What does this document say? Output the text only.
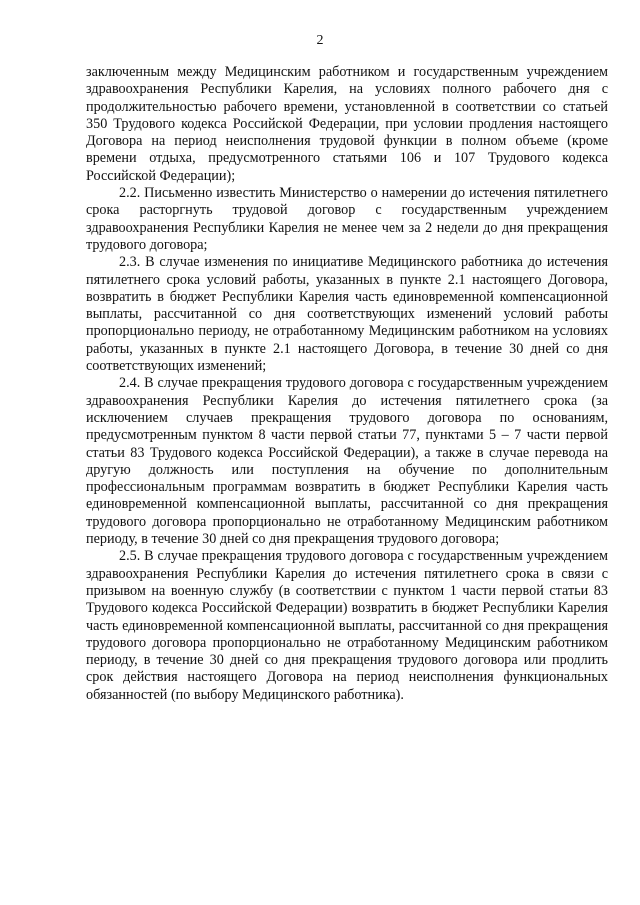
2

заключенным между Медицинским работником и государственным учреждением здравоохранения Республики Карелия, на условиях полного рабочего дня с продолжительностью рабочего времени, установленной в соответствии со статьей 350 Трудового кодекса Российской Федерации, при условии продления настоящего Договора на период неисполнения трудовой функции в полном объеме (кроме времени отдыха, предусмотренного статьями 106 и 107 Трудового кодекса Российской Федерации);

2.2. Письменно известить Министерство о намерении до истечения пятилетнего срока расторгнуть трудовой договор с государственным учреждением здравоохранения Республики Карелия не менее чем за 2 недели до дня прекращения трудового договора;

2.3. В случае изменения по инициативе Медицинского работника до истечения пятилетнего срока условий работы, указанных в пункте 2.1 настоящего Договора, возвратить в бюджет Республики Карелия часть единовременной компенсационной выплаты, рассчитанной со дня соответствующих изменений условий работы пропорционально периоду, не отработанному Медицинским работником на условиях работы, указанных в пункте 2.1 настоящего Договора, в течение 30 дней со дня соответствующих изменений;

2.4. В случае прекращения трудового договора с государственным учреждением здравоохранения Республики Карелия до истечения пятилетнего срока (за исключением случаев прекращения трудового договора по основаниям, предусмотренным пунктом 8 части первой статьи 77, пунктами 5 – 7 части первой статьи 83 Трудового кодекса Российской Федерации), а также в случае перевода на другую должность или поступления на обучение по дополнительным профессиональным программам возвратить в бюджет Республики Карелия часть единовременной компенсационной выплаты, рассчитанной со дня прекращения трудового договора пропорционально не отработанному Медицинским работником периоду, в течение 30 дней со дня прекращения трудового договора;

2.5. В случае прекращения трудового договора с государственным учреждением здравоохранения Республики Карелия до истечения пятилетнего срока в связи с призывом на военную службу (в соответствии с пунктом 1 части первой статьи 83 Трудового кодекса Российской Федерации) возвратить в бюджет Республики Карелия часть единовременной компенсационной выплаты, рассчитанной со дня прекращения трудового договора пропорционально не отработанному Медицинским работником периоду, в течение 30 дней со дня прекращения трудового договора или продлить срок действия настоящего Договора на период неисполнения функциональных обязанностей (по выбору Медицинского работника).
